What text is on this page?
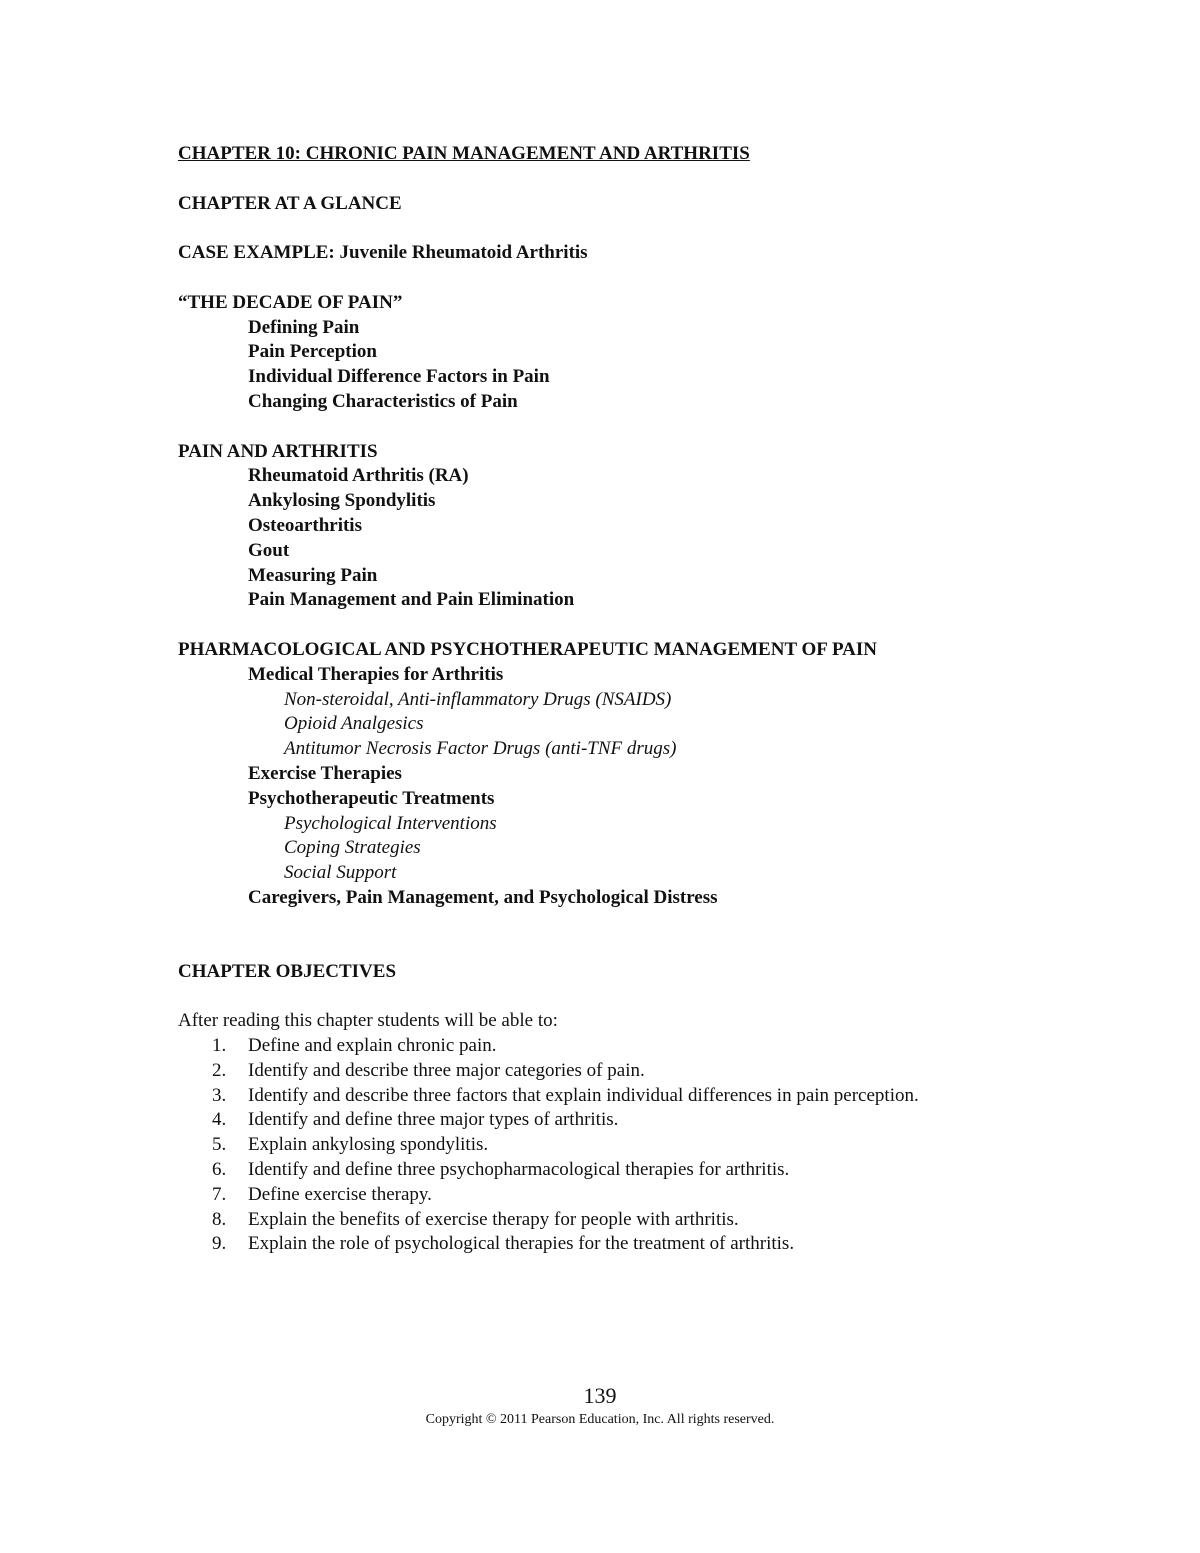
CHAPTER 10: CHRONIC PAIN MANAGEMENT AND ARTHRITIS
CHAPTER AT A GLANCE
CASE EXAMPLE: Juvenile Rheumatoid Arthritis
“THE DECADE OF PAIN”
Defining Pain
Pain Perception
Individual Difference Factors in Pain
Changing Characteristics of Pain
PAIN AND ARTHRITIS
Rheumatoid Arthritis (RA)
Ankylosing Spondylitis
Osteoarthritis
Gout
Measuring Pain
Pain Management and Pain Elimination
PHARMACOLOGICAL AND PSYCHOTHERAPEUTIC MANAGEMENT OF PAIN
Medical Therapies for Arthritis
Non-steroidal, Anti-inflammatory Drugs (NSAIDS)
Opioid Analgesics
Antitumor Necrosis Factor Drugs (anti-TNF drugs)
Exercise Therapies
Psychotherapeutic Treatments
Psychological Interventions
Coping Strategies
Social Support
Caregivers, Pain Management, and Psychological Distress
CHAPTER OBJECTIVES
After reading this chapter students will be able to:
1.	Define and explain chronic pain.
2.	Identify and describe three major categories of pain.
3.	Identify and describe three factors that explain individual differences in pain perception.
4.	Identify and define three major types of arthritis.
5.	Explain ankylosing spondylitis.
6.	Identify and define three psychopharmacological therapies for arthritis.
7.	Define exercise therapy.
8.	Explain the benefits of exercise therapy for people with arthritis.
9.	Explain the role of psychological therapies for the treatment of arthritis.
139
Copyright © 2011 Pearson Education, Inc. All rights reserved.
